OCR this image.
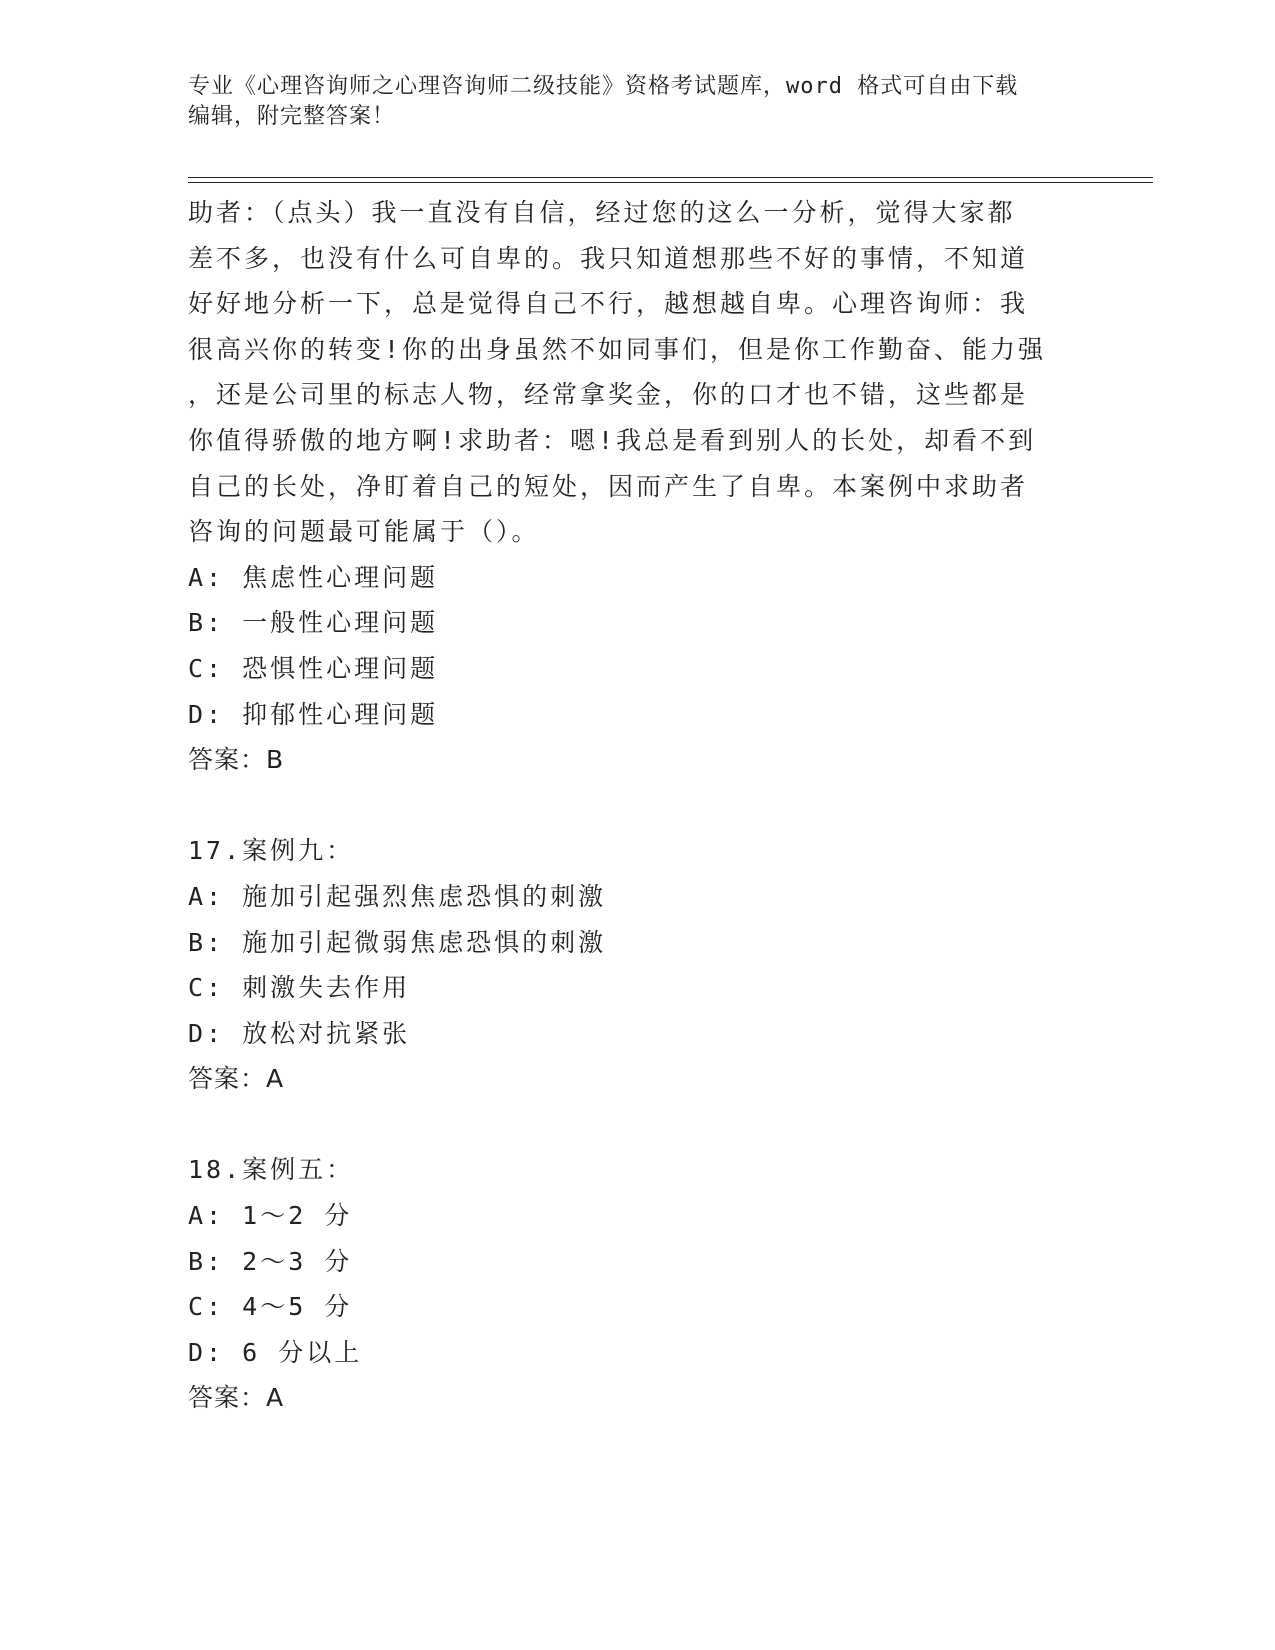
专业《心理咨询师之心理咨询师二级技能》资格考试题库，word 格式可自由下载
编辑，附完整答案！
助者：（点头）我一直没有自信，经过您的这么一分析，觉得大家都
差不多，也没有什么可自卑的。我只知道想那些不好的事情，不知道
好好地分析一下，总是觉得自己不行，越想越自卑。心理咨询师：我
很高兴你的转变!你的出身虽然不如同事们，但是你工作勤奋、能力强
，还是公司里的标志人物，经常拿奖金，你的口才也不错，这些都是
你值得骄傲的地方啊!求助者：嗯!我总是看到别人的长处，却看不到
自己的长处，净盯着自己的短处，因而产生了自卑。本案例中求助者
咨询的问题最可能属于（）。
A: 焦虑性心理问题
B: 一般性心理问题
C: 恐惧性心理问题
D: 抑郁性心理问题
答案：B
17.案例九：
A: 施加引起强烈焦虑恐惧的刺激
B: 施加引起微弱焦虑恐惧的刺激
C: 刺激失去作用
D: 放松对抗紧张
答案：A
18.案例五：
A: 1～2 分
B: 2～3 分
C: 4～5 分
D: 6 分以上
答案：A
